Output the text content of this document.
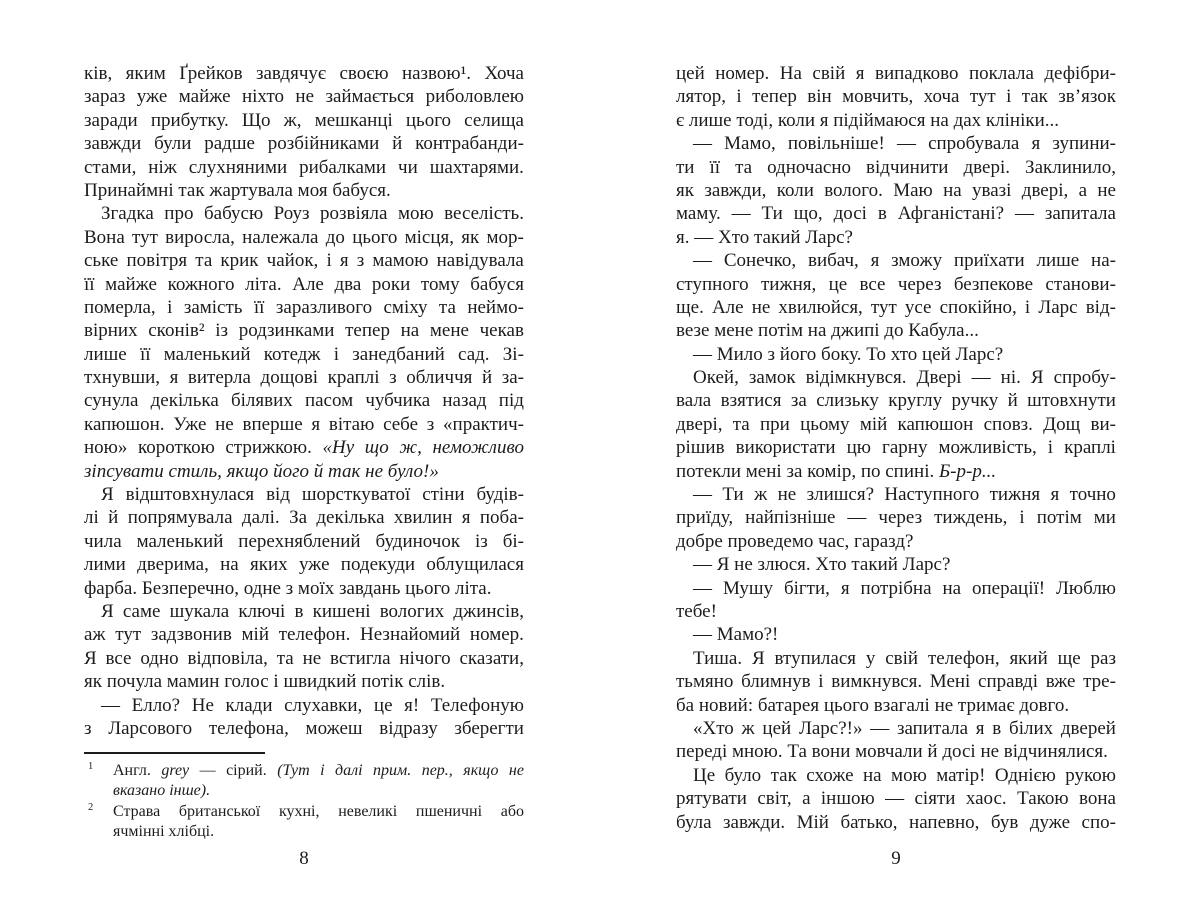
ків, яким Ґрейков завдячує своєю назвою¹. Хоча
зараз уже майже ніхто не займається риболовлею
заради прибутку. Що ж, мешканці цього селища
завжди були радше розбійниками й контрабанди-
стами, ніж слухняними рибалками чи шахтарями.
Принаймні так жартувала моя бабуся.
Згадка про бабусю Роуз розвіяла мою веселість.
Вона тут виросла, належала до цього місця, як мор-
ське повітря та крик чайок, і я з мамою навідувала
її майже кожного літа. Але два роки тому бабуся
померла, і замість її заразливого сміху та неймо-
вірних сконів² із родзинками тепер на мене чекав
лише її маленький котедж і занедбаний сад. Зі-
тхнувши, я витерла дощові краплі з обличчя й за-
сунула декілька білявих пасом чубчика назад під
капюшон. Уже не вперше я вітаю себе з «практич-
ною» короткою стрижкою. «Ну що ж, неможливо
зіпсувати стиль, якщо його й так не було!»
Я відштовхнулася від шорсткуватої стіни будів-
лі й попрямувала далі. За декілька хвилин я поба-
чила маленький перехняблений будиночок із бі-
лими дверима, на яких уже подекуди облущилася
фарба. Безперечно, одне з моїх завдань цього літа.
Я саме шукала ключі в кишені вологих джинсів,
аж тут задзвонив мій телефон. Незнайомий номер.
Я все одно відповіла, та не встигла нічого сказати,
як почула мамин голос і швидкий потік слів.
— Елло? Не клади слухавки, це я! Телефоную
з Ларсового телефона, можеш відразу зберегти
1 Англ. grey — сірий. (Тут і далі прим. пер., якщо не
вказано інше).
2 Страва британської кухні, невеликі пшеничні або
ячмінні хлібці.
8
цей номер. На свій я випадково поклала дефібри-
лятор, і тепер він мовчить, хоча тут і так зв’язок
є лише тоді, коли я підіймаюся на дах клініки...
— Мамо, повільніше! — спробувала я зупини-
ти її та одночасно відчинити двері. Заклинило,
як завжди, коли волого. Маю на увазі двері, а не
маму. — Ти що, досі в Афганістані? — запитала
я. — Хто такий Ларс?
— Сонечко, вибач, я зможу приїхати лише на-
ступного тижня, це все через безпекове станови-
ще. Але не хвилюйся, тут усе спокійно, і Ларс від-
везе мене потім на джипі до Кабула...
— Мило з його боку. То хто цей Ларс?
Окей, замок відімкнувся. Двері — ні. Я спробу-
вала взятися за слизьку круглу ручку й штовхнути
двері, та при цьому мій капюшон сповз. Дощ ви-
рішив використати цю гарну можливість, і краплі
потекли мені за комір, по спині. Б-р-р...
— Ти ж не злишся? Наступного тижня я точно
приїду, найпізніше — через тиждень, і потім ми
добре проведемо час, гаразд?
— Я не злюся. Хто такий Ларс?
— Мушу бігти, я потрібна на операції! Люблю
тебе!
— Мамо?!
Тиша. Я втупилася у свій телефон, який ще раз
тьмяно блимнув і вимкнувся. Мені справді вже тре-
ба новий: батарея цього взагалі не тримає довго.
«Хто ж цей Ларс?!» — запитала я в білих дверей
переді мною. Та вони мовчали й досі не відчинялися.
Це було так схоже на мою матір! Однією рукою
рятувати світ, а іншою — сіяти хаос. Такою вона
була завжди. Мій батько, напевно, був дуже спо-
9
